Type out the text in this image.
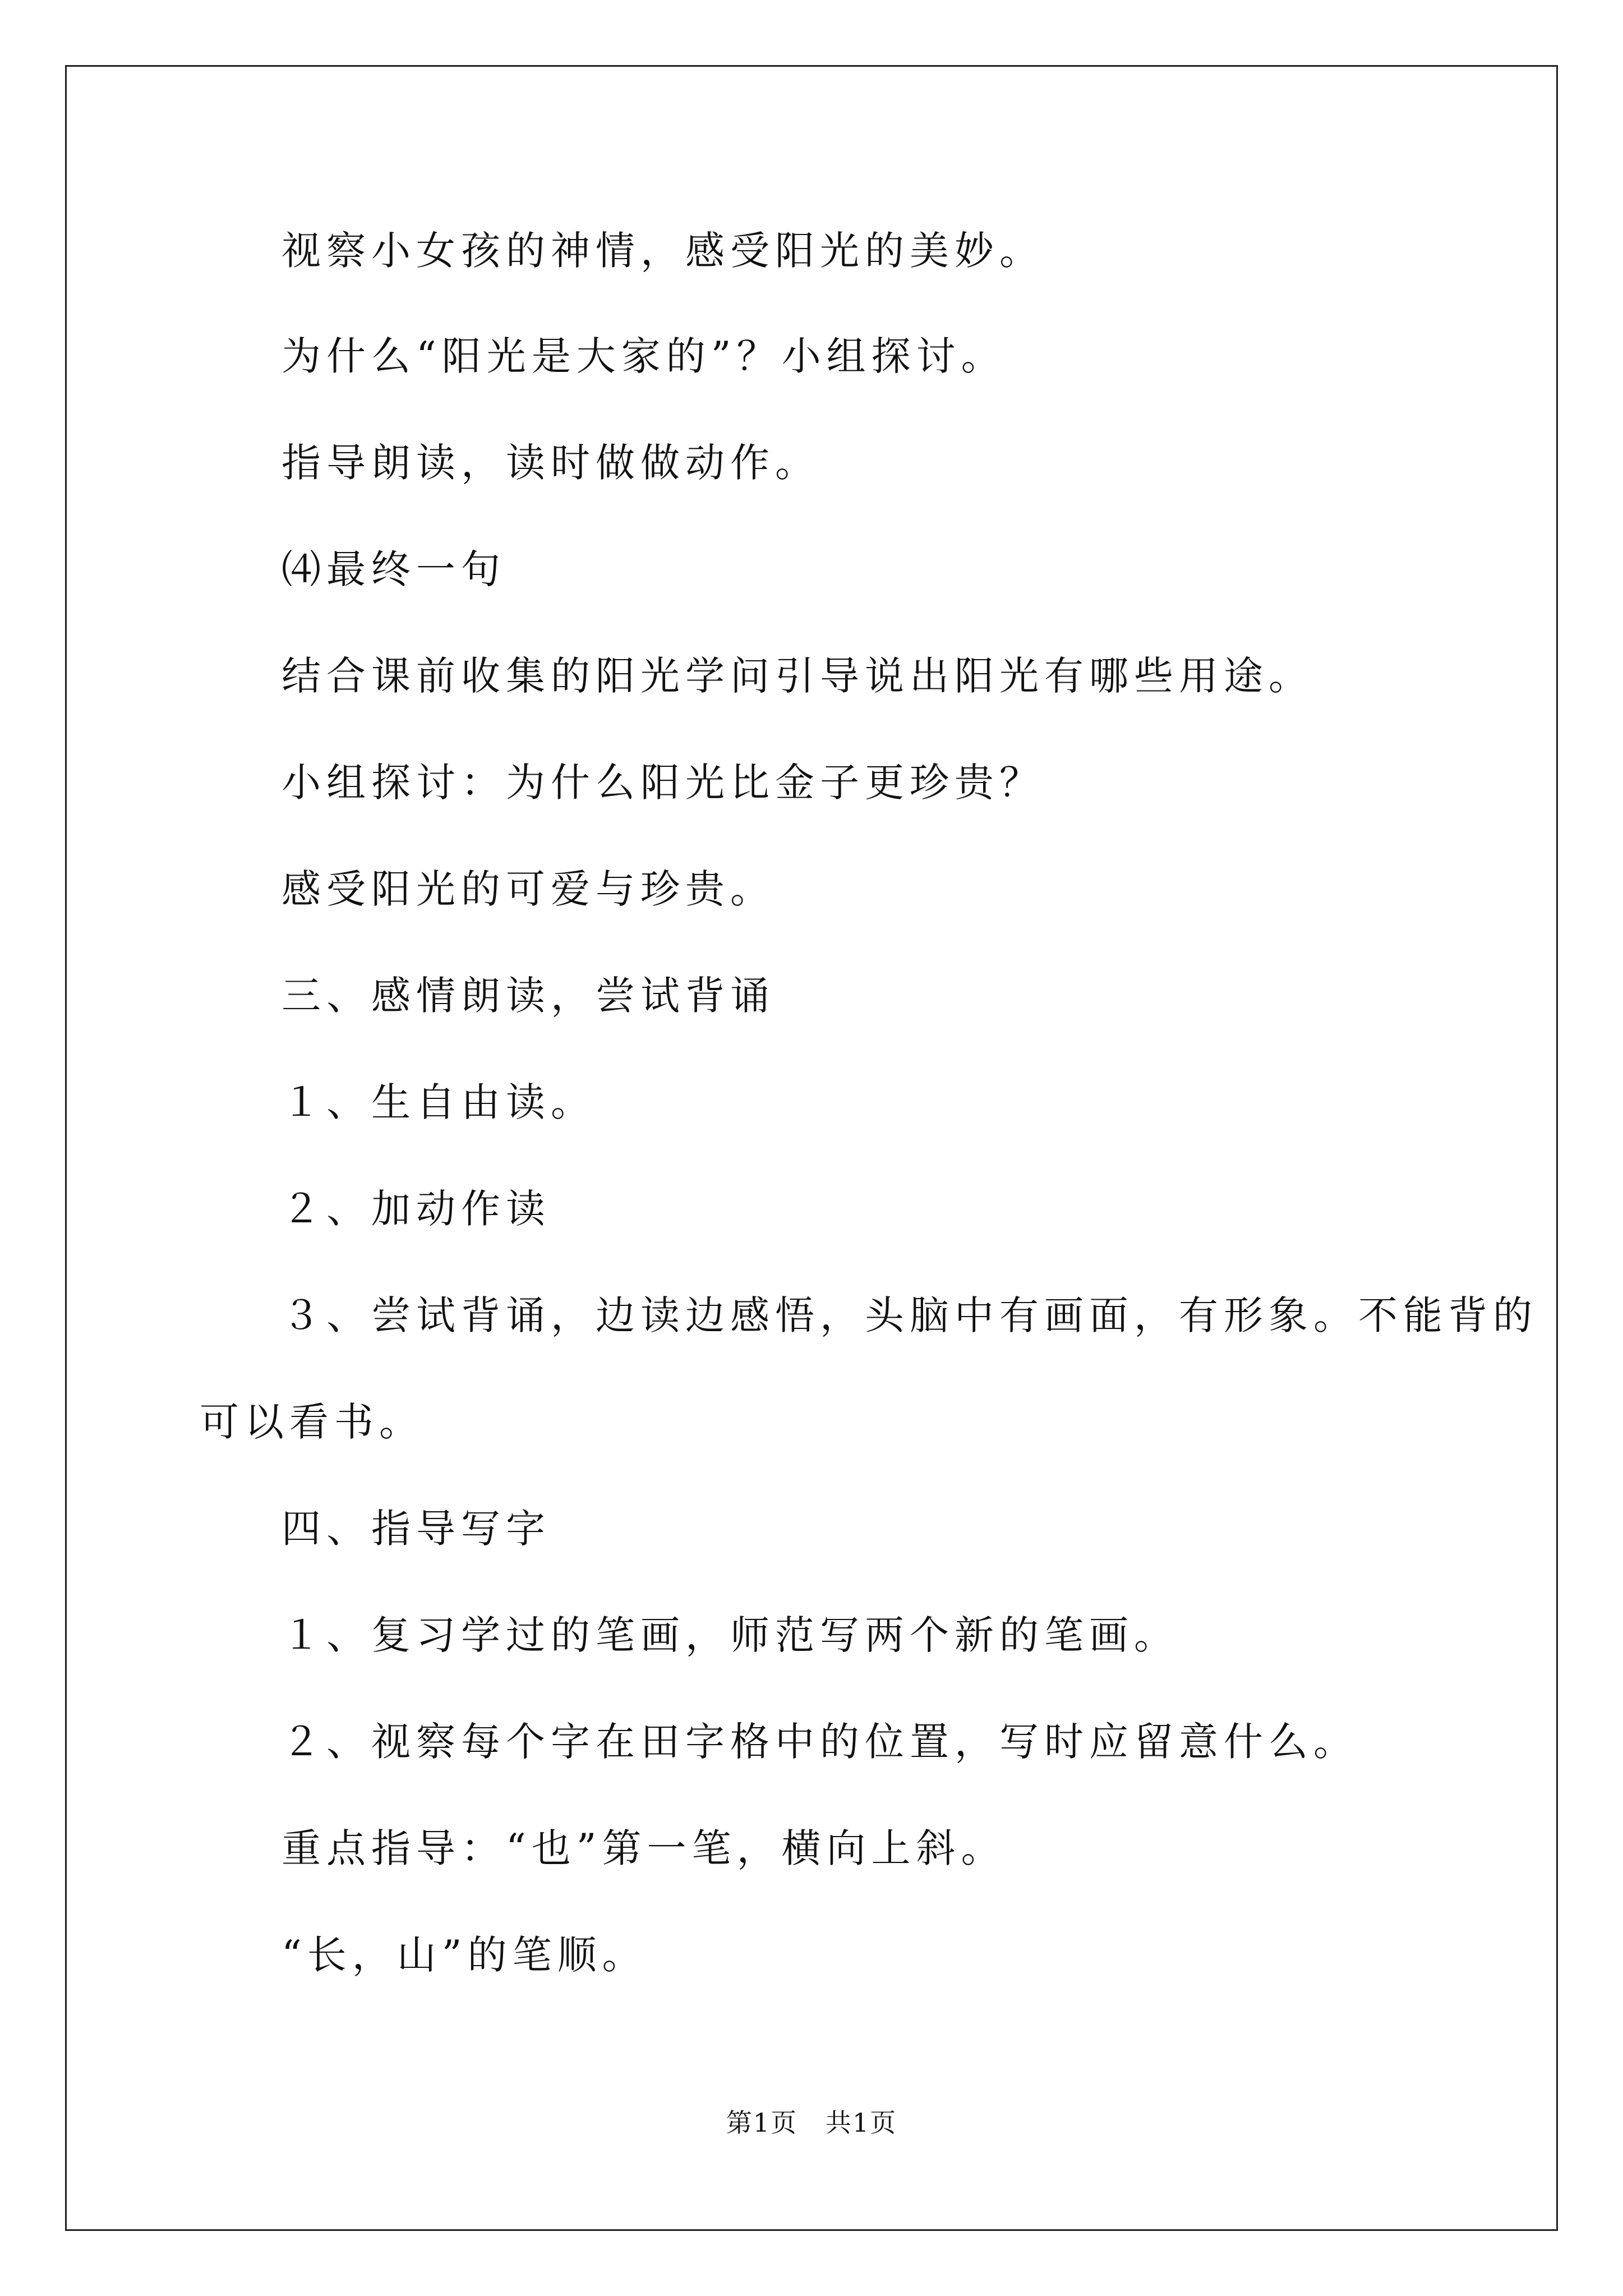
视察小女孩的神情，感受阳光的美妙。
为什么“阳光是大家的”？小组探讨。
指导朗读，读时做做动作。
⑷最终一句
结合课前收集的阳光学问引导说出阳光有哪些用途。
小组探讨：为什么阳光比金子更珍贵？
感受阳光的可爱与珍贵。
三、感情朗读，尝试背诵
１、生自由读。
２、加动作读
３、尝试背诵，边读边感悟，头脑中有画面，有形象。不能背的
可以看书。
四、指导写字
１、复习学过的笔画，师范写两个新的笔画。
２、视察每个字在田字格中的位置，写时应留意什么。
重点指导：“也”第一笔，横向上斜。
“长，山”的笔顺。
第1页   共1页
